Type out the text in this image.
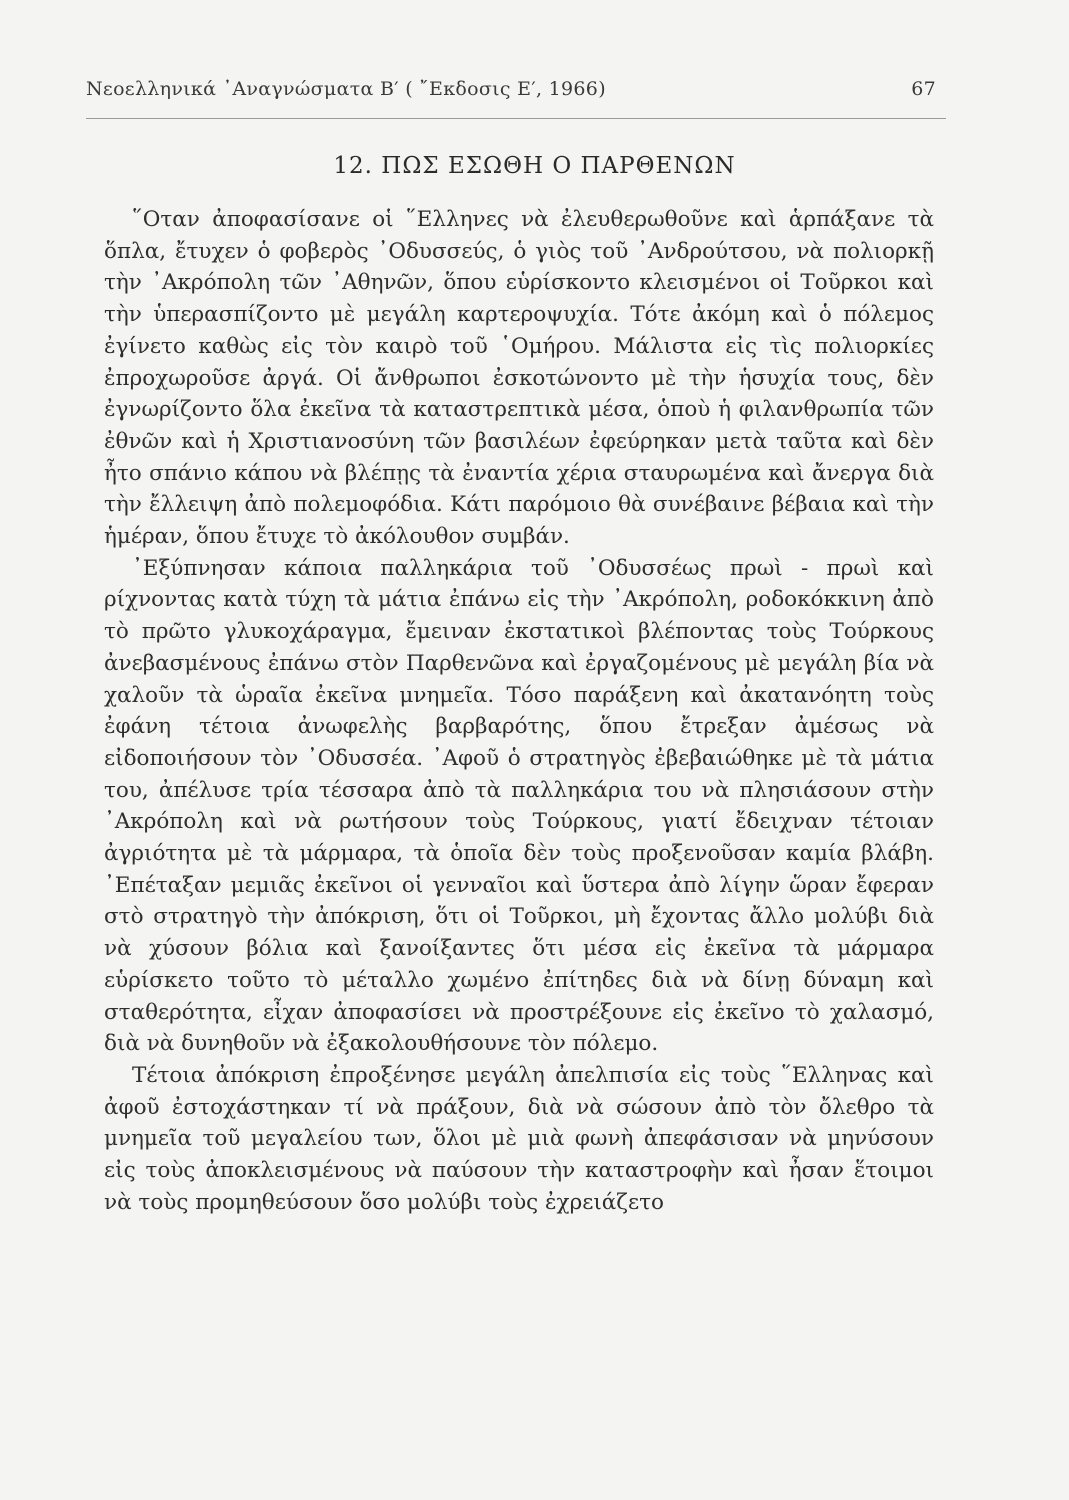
Νεοελληνικά ᾽Αναγνώσματα Β′ ( ῎Εκδοσις Ε′, 1966)	67
12. ΠΩΣ ΕΣΩΘΗ Ο ΠΑΡΘΕΝΩΝ

῞Οταν ἀποφασίσανε οἱ ῞Ελληνες νὰ ἐλευθερωθοῦνε καὶ ἁρπάξανε τὰ ὅπλα, ἔτυχεν ὁ φοβερὸς ᾽Οδυσσεύς, ὁ γιὸς τοῦ ᾽Ανδρούτσου, νὰ πολιορκῇ τὴν ᾽Ακρόπολη τῶν ᾽Αθηνῶν, ὅπου εὑρίσκοντο κλεισμένοι οἱ Τοῦρκοι καὶ τὴν ὑπερασπίζοντο μὲ μεγάλη καρτεροψυχία. Τότε ἀκόμη καὶ ὁ πόλεμος ἐγίνετο καθὼς εἰς τὸν καιρὸ τοῦ ῾Ομήρου. Μάλιστα εἰς τὶς πολιορκίες ἐπροχωροῦσε ἀργά. Οἱ ἄνθρωποι ἐσκοτώνοντο μὲ τὴν ἡσυχία τους, δὲν ἐγνωρίζοντο ὅλα ἐκεῖνα τὰ καταστρεπτικὰ μέσα, ὁποὺ ἡ φιλανθρωπία τῶν ἐθνῶν καὶ ἡ Χριστιανοσύνη τῶν βασιλέων ἐφεύρηκαν μετὰ ταῦτα καὶ δὲν ἦτο σπάνιο κάπου νὰ βλέπῃς τὰ ἐναντία χέρια σταυρωμένα καὶ ἄνεργα διὰ τὴν ἔλλειψη ἀπὸ πολεμοφόδια. Κάτι παρόμοιο θὰ συνέβαινε βέβαια καὶ τὴν ἡμέραν, ὅπου ἔτυχε τὸ ἀκόλουθον συμβάν.

᾽Εξύπνησαν κάποια παλληκάρια τοῦ ᾽Οδυσσέως πρωὶ - πρωὶ καὶ ρίχνοντας κατὰ τύχη τὰ μάτια ἐπάνω εἰς τὴν ᾽Ακρόπολη, ροδοκόκκινη ἀπὸ τὸ πρῶτο γλυκοχάραγμα, ἔμειναν ἐκστατικοὶ βλέποντας τοὺς Τούρκους ἀνεβασμένους ἐπάνω στὸν Παρθενῶνα καὶ ἐργαζομένους μὲ μεγάλη βία νὰ χαλοῦν τὰ ὡραῖα ἐκεῖνα μνημεῖα. Τόσο παράξενη καὶ ἀκατανόητη τοὺς ἐφάνη τέτοια ἀνωφελὴς βαρβαρότης, ὅπου ἔτρεξαν ἀμέσως νὰ εἰδοποιήσουν τὸν ᾽Οδυσσέα. ᾽Αφοῦ ὁ στρατηγὸς ἐβεβαιώθηκε μὲ τὰ μάτια του, ἀπέλυσε τρία τέσσαρα ἀπὸ τὰ παλληκάρια του νὰ πλησιάσουν στὴν ᾽Ακρόπολη καὶ νὰ ρωτήσουν τοὺς Τούρκους, γιατί ἔδειχναν τέτοιαν ἀγριότητα μὲ τὰ μάρμαρα, τὰ ὁποῖα δὲν τοὺς προξενοῦσαν καμία βλάβη. ᾽Επέταξαν μεμιᾶς ἐκεῖνοι οἱ γενναῖοι καὶ ὕστερα ἀπὸ λίγην ὥραν ἔφεραν στὸ στρατηγὸ τὴν ἀπόκριση, ὅτι οἱ Τοῦρκοι, μὴ ἔχοντας ἄλλο μολύβι διὰ νὰ χύσουν βόλια καὶ ξανοίξαντες ὅτι μέσα εἰς ἐκεῖνα τὰ μάρμαρα εὑρίσκετο τοῦτο τὸ μέταλλο χωμένο ἐπίτηδες διὰ νὰ δίνῃ δύναμη καὶ σταθερότητα, εἶχαν ἀποφασίσει νὰ προστρέξουνε εἰς ἐκεῖνο τὸ χαλασμό, διὰ νὰ δυνηθοῦν νὰ ἐξακολουθήσουνε τὸν πόλεμο.

Τέτοια ἀπόκριση ἐπροξένησε μεγάλη ἀπελπισία εἰς τοὺς ῞Ελληνας καὶ ἀφοῦ ἐστοχάστηκαν τί νὰ πράξουν, διὰ νὰ σώσουν ἀπὸ τὸν ὄλεθρο τὰ μνημεῖα τοῦ μεγαλείου των, ὅλοι μὲ μιὰ φωνὴ ἀπεφάσισαν νὰ μηνύσουν εἰς τοὺς ἀποκλεισμένους νὰ παύσουν τὴν καταστροφὴν καὶ ἦσαν ἕτοιμοι νὰ τοὺς προμηθεύσουν ὅσο μολύβι τοὺς ἐχρειάζετο
